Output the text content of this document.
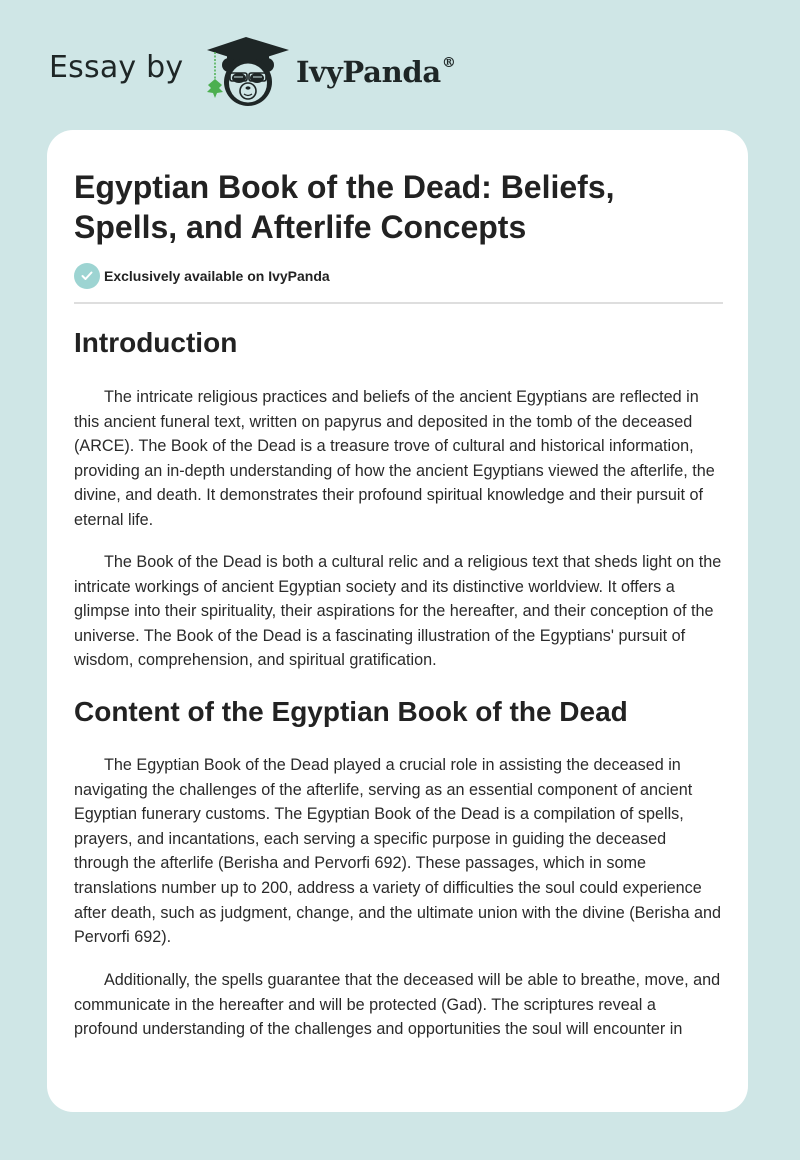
Essay by	IvyPanda®
Egyptian Book of the Dead: Beliefs, Spells, and Afterlife Concepts
Exclusively available on IvyPanda
Introduction

The intricate religious practices and beliefs of the ancient Egyptians are reflected in this ancient funeral text, written on papyrus and deposited in the tomb of the deceased (ARCE). The Book of the Dead is a treasure trove of cultural and historical information, providing an in-depth understanding of how the ancient Egyptians viewed the afterlife, the divine, and death. It demonstrates their profound spiritual knowledge and their pursuit of eternal life.

The Book of the Dead is both a cultural relic and a religious text that sheds light on the intricate workings of ancient Egyptian society and its distinctive worldview. It offers a glimpse into their spirituality, their aspirations for the hereafter, and their conception of the universe. The Book of the Dead is a fascinating illustration of the Egyptians' pursuit of wisdom, comprehension, and spiritual gratification.

Content of the Egyptian Book of the Dead

The Egyptian Book of the Dead played a crucial role in assisting the deceased in navigating the challenges of the afterlife, serving as an essential component of ancient Egyptian funerary customs. The Egyptian Book of the Dead is a compilation of spells, prayers, and incantations, each serving a specific purpose in guiding the deceased through the afterlife (Berisha and Pervorfi 692). These passages, which in some translations number up to 200, address a variety of difficulties the soul could experience after death, such as judgment, change, and the ultimate union with the divine (Berisha and Pervorfi 692).

Additionally, the spells guarantee that the deceased will be able to breathe, move, and communicate in the hereafter and will be protected (Gad). The scriptures reveal a profound understanding of the challenges and opportunities the soul will encounter in
